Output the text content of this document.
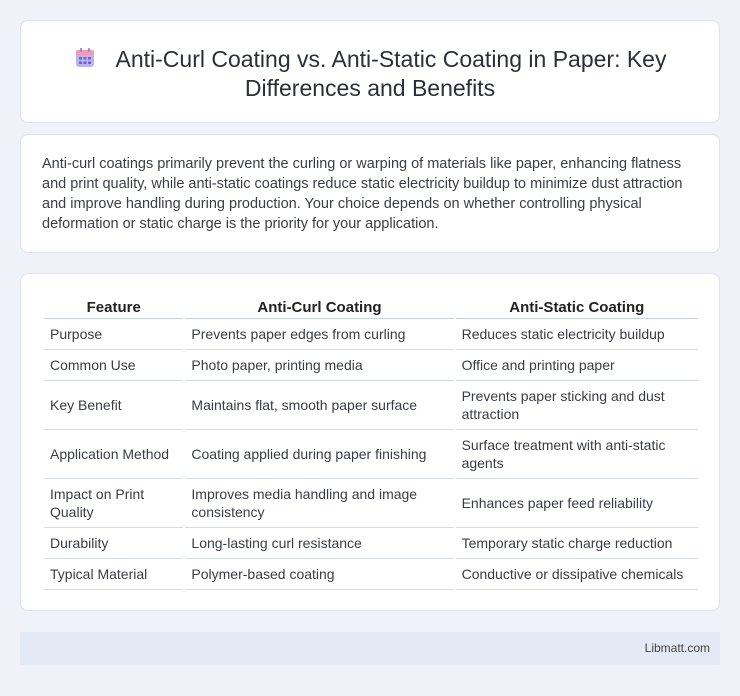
Anti-Curl Coating vs. Anti-Static Coating in Paper: Key Differences and Benefits

Anti-curl coatings primarily prevent the curling or warping of materials like paper, enhancing flatness and print quality, while anti-static coatings reduce static electricity buildup to minimize dust attraction and improve handling during production. Your choice depends on whether controlling physical deformation or static charge is the priority for your application.

Feature	Anti-Curl Coating	Anti-Static Coating
Purpose	Prevents paper edges from curling	Reduces static electricity buildup
Common Use	Photo paper, printing media	Office and printing paper
Key Benefit	Maintains flat, smooth paper surface	Prevents paper sticking and dust attraction
Application Method	Coating applied during paper finishing	Surface treatment with anti-static agents
Impact on Print Quality	Improves media handling and image consistency	Enhances paper feed reliability
Durability	Long-lasting curl resistance	Temporary static charge reduction
Typical Material	Polymer-based coating	Conductive or dissipative chemicals
Libmatt.com
